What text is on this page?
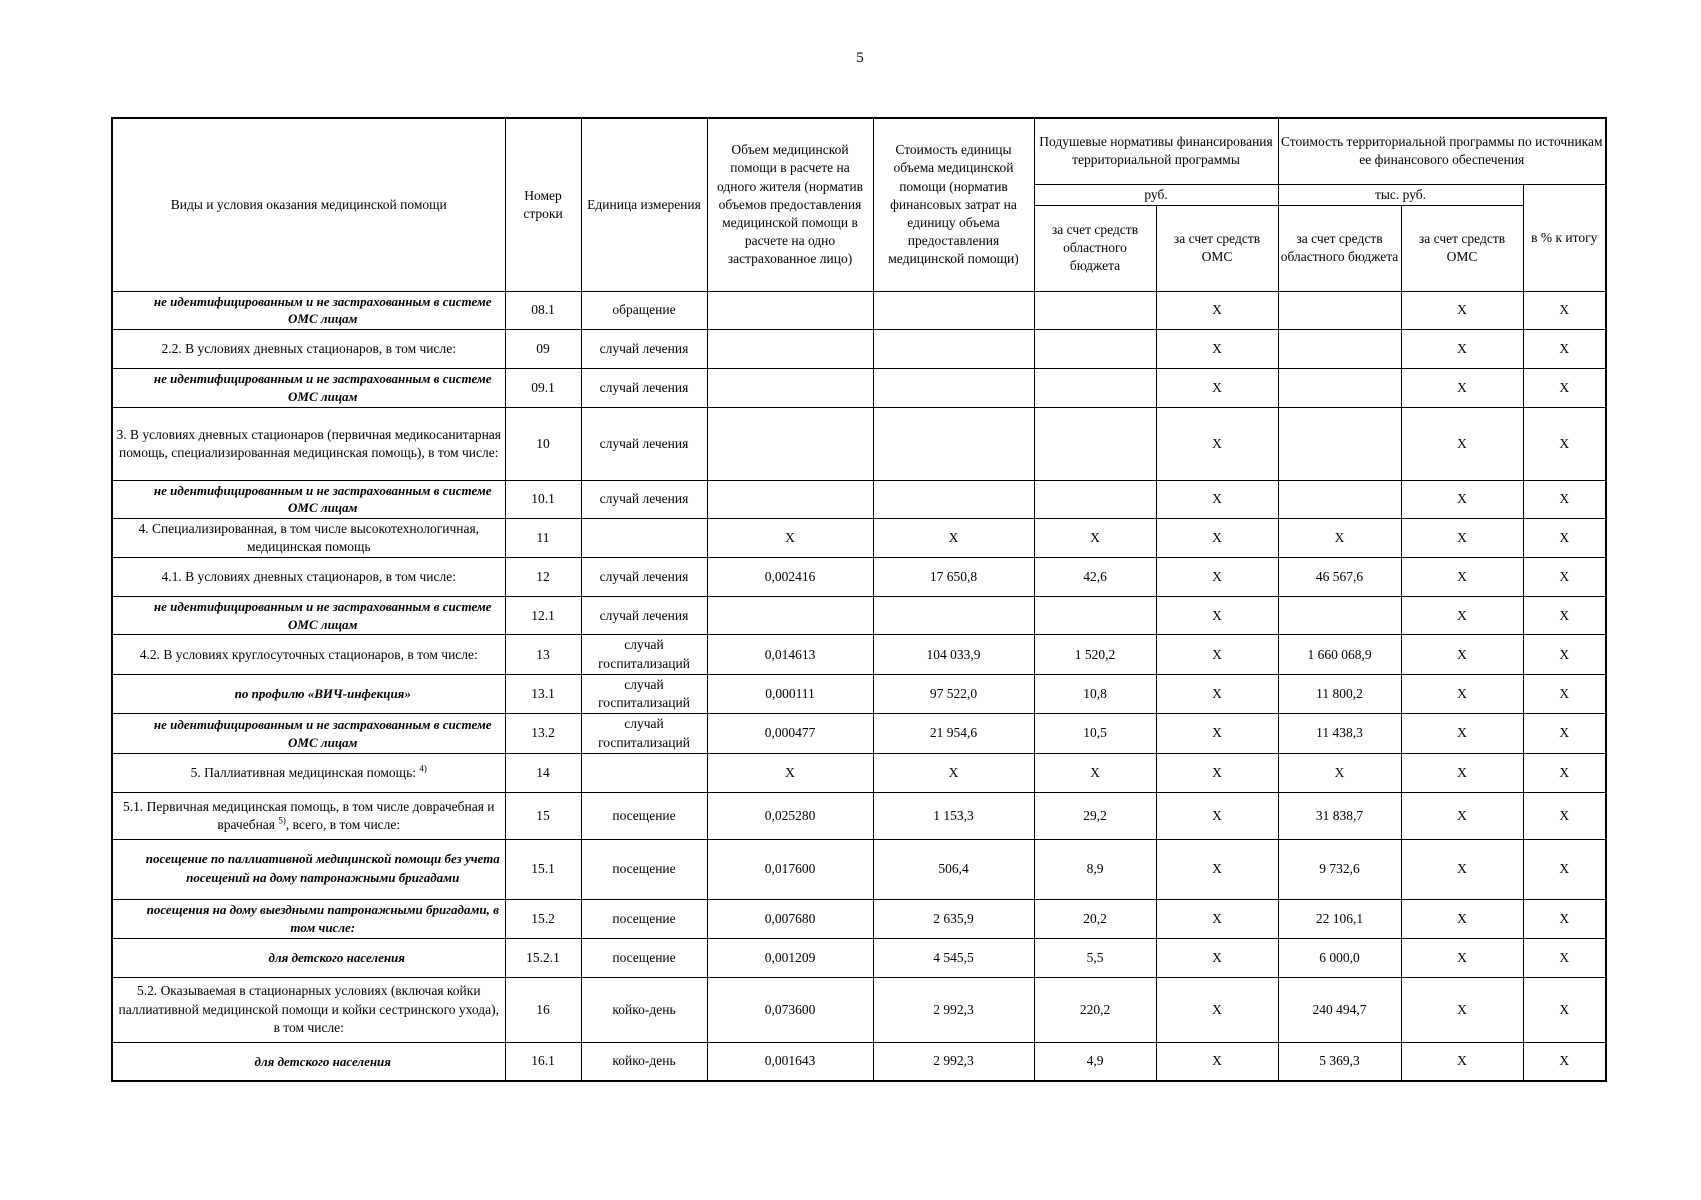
5
Виды и условия оказания медицинской помощи	Номер строки	Единица измерения	Объем медицинской помощи в расчете на одного жителя (норматив объемов предоставления медицинской помощи в расчете на одно застрахованное лицо)	Стоимость единицы объема медицинской помощи (норматив финансовых затрат на единицу объема предоставления медицинской помощи)	Подушевые нормативы финансирования территориальной программы		Стоимость территориальной программы по источникам ее финансового обеспечения		
					руб.		тыс. руб.		в % к итогу
					за счет средств областного бюджета	за счет средств ОМС	за счет средств областного бюджета	за счет средств ОМС	
не идентифицированным и не застрахованным в системе ОМС лицам	08.1	обращение				X		X	X
2.2. В условиях дневных стационаров, в том числе:	09	случай лечения				X		X	X
не идентифицированным и не застрахованным в системе ОМС лицам	09.1	случай лечения				X		X	X
3. В условиях дневных стационаров (первичная медикосанитарная помощь, специализированная медицинская помощь), в том числе:	10	случай лечения				X		X	X
не идентифицированным и не застрахованным в системе ОМС лицам	10.1	случай лечения				X		X	X
4. Специализированная, в том числе высокотехнологичная, медицинская помощь	11		X	X	X	X	X	X	X
4.1. В условиях дневных стационаров, в том числе:	12	случай лечения	0,002416	17 650,8	42,6	X	46 567,6	X	X
не идентифицированным и не застрахованным в системе ОМС лицам	12.1	случай лечения				X		X	X
4.2. В условиях круглосуточных стационаров, в том числе:	13	случай госпитализаций	0,014613	104 033,9	1 520,2	X	1 660 068,9	X	X
по профилю «ВИЧ-инфекция»	13.1	случай госпитализаций	0,000111	97 522,0	10,8	X	11 800,2	X	X
не идентифицированным и не застрахованным в системе ОМС лицам	13.2	случай госпитализаций	0,000477	21 954,6	10,5	X	11 438,3	X	X
5. Паллиативная медицинская помощь: $^{4)}$	14		X	X	X	X	X	X	X
5.1. Первичная медицинская помощь, в том числе доврачебная и врачебная $^{5)}$, всего, в том числе:	15	посещение	0,025280	1 153,3	29,2	X	31 838,7	X	X
посещение по паллиативной медицинской помощи без учета посещений на дому патронажными бригадами	15.1	посещение	0,017600	506,4	8,9	X	9 732,6	X	X
посещения на дому выездными патронажными бригадами, в том числе:	15.2	посещение	0,007680	2 635,9	20,2	X	22 106,1	X	X
для детского населения	15.2.1	посещение	0,001209	4 545,5	5,5	X	6 000,0	X	X
5.2. Оказываемая в стационарных условиях (включая койки паллиативной медицинской помощи и койки сестринского ухода), в том числе:	16	койко-день	0,073600	2 992,3	220,2	X	240 494,7	X	X
для детского населения	16.1	койко-день	0,001643	2 992,3	4,9	X	5 369,3	X	X
